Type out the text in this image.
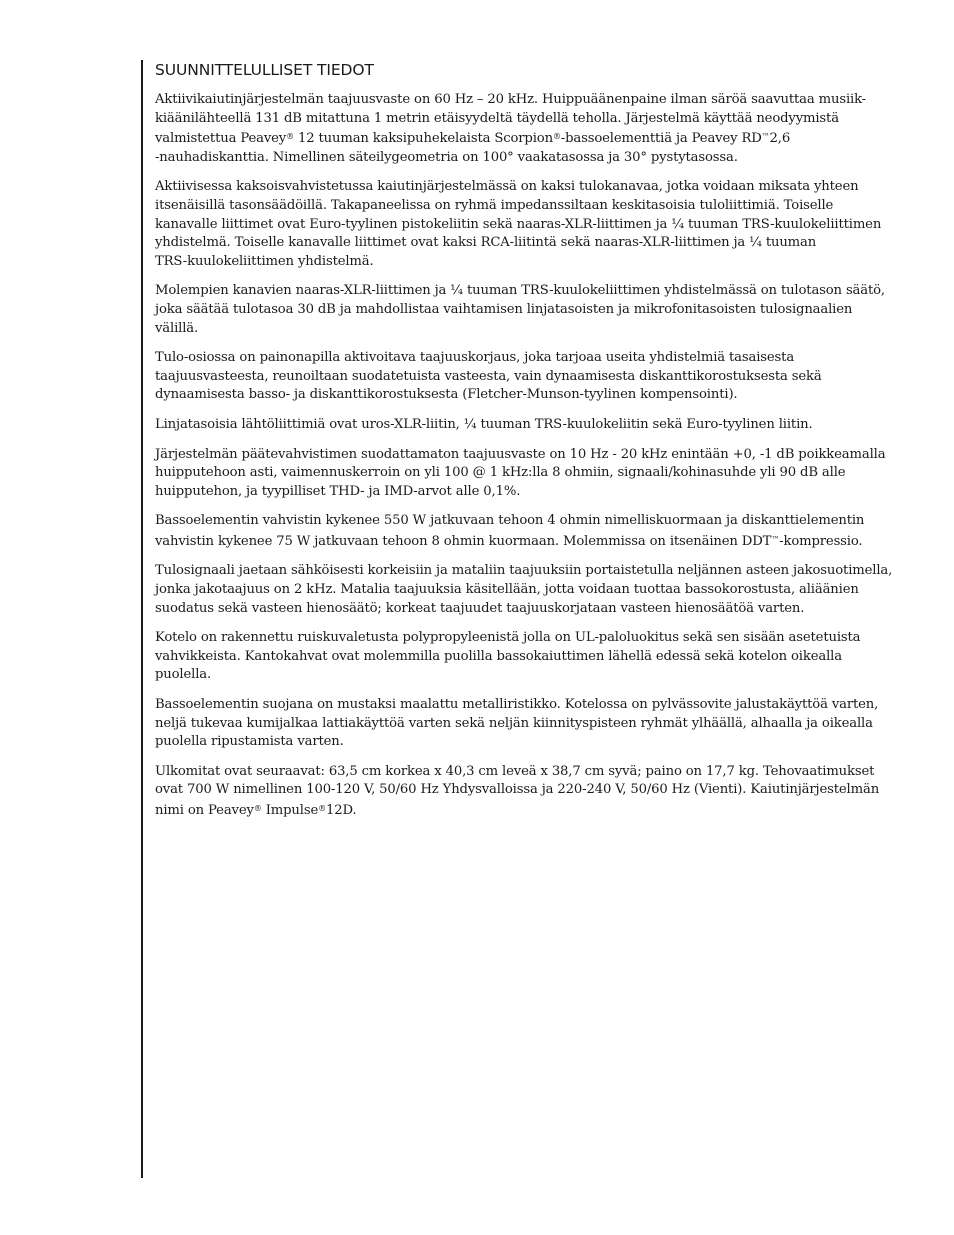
SUUNNITTELULLISET TIEDOT

Aktiivikaiutinjärjestelmän taajuusvaste on 60 Hz – 20 kHz. Huippuäänenpaine ilman säröä saavuttaa musiik-
kiäänilähteellä 131 dB mitattuna 1 metrin etäisyydeltä täydellä teholla. Järjestelmä käyttää neodyymistä
valmistettua Peavey® 12 tuuman kaksipuhekelaista Scorpion®-bassoelementtiä ja Peavey RD™2,6
-nauhadiskanttia. Nimellinen säteilygeometria on 100° vaakatasossa ja 30° pystytasossa.

Aktiivisessa kaksoisvahvistetussa kaiutinjärjestelmässä on kaksi tulokanavaa, jotka voidaan miksata yhteen
itsenäisillä tasonsäädöillä. Takapaneelissa on ryhmä impedanssiltaan keskitasoisia tuloliittimiä. Toiselle
kanavalle liittimet ovat Euro-tyylinen pistokeliitin sekä naaras-XLR-liittimen ja ¼ tuuman TRS-kuulokeliittimen
yhdistelmä. Toiselle kanavalle liittimet ovat kaksi RCA-liitintä sekä naaras-XLR-liittimen ja ¼ tuuman
TRS-kuulokeliittimen yhdistelmä.

Molempien kanavien naaras-XLR-liittimen ja ¼ tuuman TRS-kuulokeliittimen yhdistelmässä on tulotason säätö,
joka säätää tulotasoa 30 dB ja mahdollistaa vaihtamisen linjatasoisten ja mikrofonitasoisten tulosignaalien
välillä.

Tulo-osiossa on painonapilla aktivoitava taajuuskorjaus, joka tarjoaa useita yhdistelmiä tasaisesta
taajuusvasteesta, reunoiltaan suodatetuista vasteesta, vain dynaamisesta diskanttikorostuksesta sekä
dynaamisesta basso- ja diskanttikorostuksesta (Fletcher-Munson-tyylinen kompensointi).

Linjatasoisia lähtöliittimiä ovat uros-XLR-liitin, ¼ tuuman TRS-kuulokeliitin sekä Euro-tyylinen liitin.

Järjestelmän päätevahvistimen suodattamaton taajuusvaste on 10 Hz - 20 kHz enintään +0, -1 dB poikkeamalla
huipputehoon asti, vaimennuskerroin on yli 100 @ 1 kHz:lla 8 ohmiin, signaali/kohinasuhde yli 90 dB alle
huipputehon, ja tyypilliset THD- ja IMD-arvot alle 0,1%.

Bassoelementin vahvistin kykenee 550 W jatkuvaan tehoon 4 ohmin nimelliskuormaan ja diskanttielementin
vahvistin kykenee 75 W jatkuvaan tehoon 8 ohmin kuormaan. Molemmissa on itsenäinen DDT™-kompressio.

Tulosignaali jaetaan sähköisesti korkeisiin ja mataliin taajuuksiin portaistetulla neljännen asteen jakosuotimella,
jonka jakotaajuus on 2 kHz. Matalia taajuuksia käsitellään, jotta voidaan tuottaa bassokorostusta, aliäänien
suodatus sekä vasteen hienosäätö; korkeat taajuudet taajuuskorjataan vasteen hienosäätöä varten.

Kotelo on rakennettu ruiskuvaletusta polypropyleenistä jolla on UL-paloluokitus sekä sen sisään asetetuista
vahvikkeista. Kantokahvat ovat molemmilla puolilla bassokaiuttimen lähellä edessä sekä kotelon oikealla
puolella.

Bassoelementin suojana on mustaksi maalattu metalliristikko. Kotelossa on pylvässovite jalustakäyttöä varten,
neljä tukevaa kumijalkaa lattiakäyttöä varten sekä neljän kiinnityspisteen ryhmät ylhäällä, alhaalla ja oikealla
puolella ripustamista varten.

Ulkomitat ovat seuraavat: 63,5 cm korkea x 40,3 cm leveä x 38,7 cm syvä; paino on 17,7 kg. Tehovaatimukset
ovat 700 W nimellinen 100-120 V, 50/60 Hz Yhdysvalloissa ja 220-240 V, 50/60 Hz (Vienti). Kaiutinjärjestelmän
nimi on Peavey® Impulse®12D.
